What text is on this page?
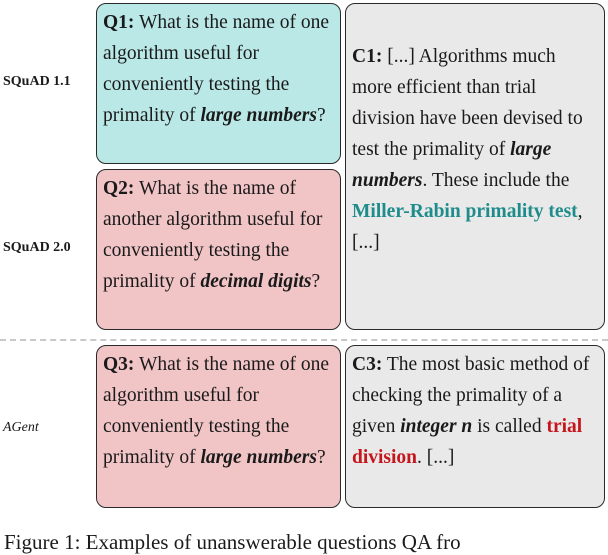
SQuAD 1.1
SQuAD 2.0
AGent
Q1: What is the name of one algorithm useful for conveniently testing the primality of large numbers?
Q2: What is the name of another algorithm useful for conveniently testing the primality of decimal digits?
C1: [...] Algorithms much more efficient than trial division have been devised to test the primality of large numbers. These include the Miller-Rabin primality test, [...]
Q3: What is the name of one algorithm useful for conveniently testing the primality of large numbers?
C3: The most basic method of checking the primality of a given integer n is called trial division. [...]
Figure 1: Examples of unanswerable questions QA fro
